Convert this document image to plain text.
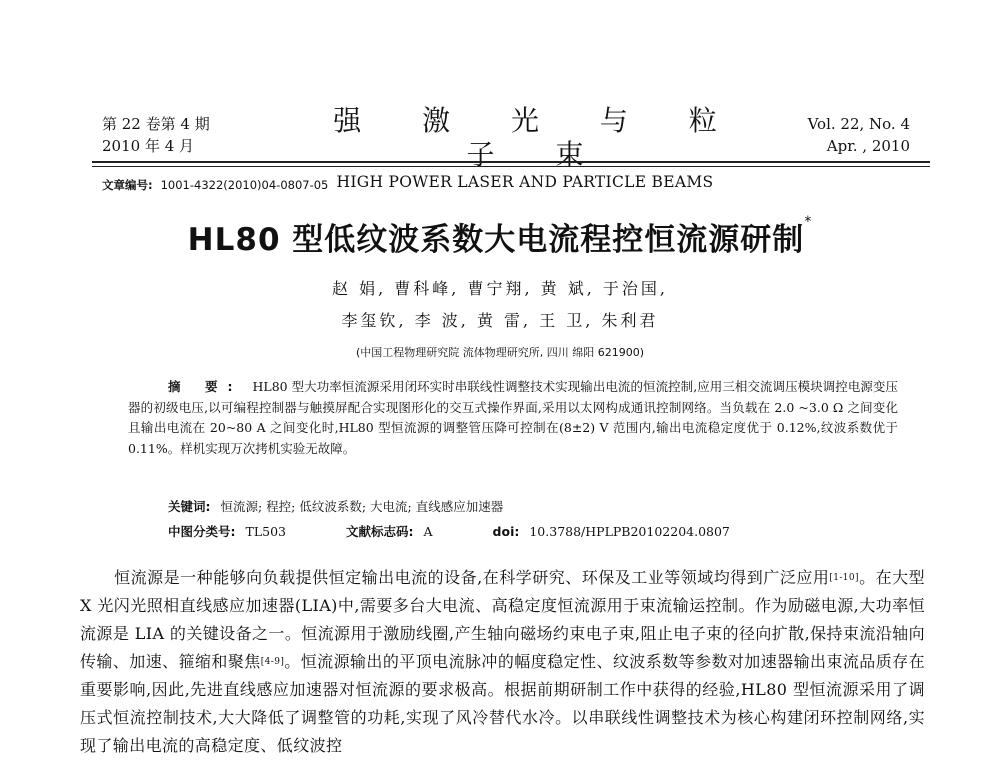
第 22 卷第 4 期
2010 年 4 月
强 激 光 与 粒 子 束
HIGH POWER LASER AND PARTICLE BEAMS
Vol. 22, No. 4
Apr. , 2010
文章编号: 1001-4322(2010)04-0807-05
HL80 型低纹波系数大电流程控恒流源研制*
赵 娟, 曹科峰, 曹宁翔, 黄 斌, 于治国,
李玺钦, 李 波, 黄 雷, 王 卫, 朱利君
(中国工程物理研究院 流体物理研究所, 四川 绵阳 621900)
摘 要: HL80 型大功率恒流源采用闭环实时串联线性调整技术实现输出电流的恒流控制,应用三相交流调压模块调控电源变压器的初级电压,以可编程控制器与触摸屏配合实现图形化的交互式操作界面,采用以太网构成通讯控制网络。当负载在 2.0 ~3.0 Ω 之间变化且输出电流在 20~80 A 之间变化时,HL80 型恒流源的调整管压降可控制在(8±2) V 范围内,输出电流稳定度优于 0.12%,纹波系数优于 0.11%。样机实现万次拷机实验无故障。
关键词: 恒流源; 程控; 低纹波系数; 大电流; 直线感应加速器
中图分类号: TL503	文献标志码: A	doi: 10.3788/HPLPB20102204.0807
恒流源是一种能够向负载提供恒定输出电流的设备,在科学研究、环保及工业等领域均得到广泛应用[1-10]。在大型 X 光闪光照相直线感应加速器(LIA)中,需要多台大电流、高稳定度恒流源用于束流输运控制。作为励磁电源,大功率恒流源是 LIA 的关键设备之一。恒流源用于激励线圈,产生轴向磁场约束电子束,阻止电子束的径向扩散,保持束流沿轴向传输、加速、箍缩和聚焦[4-9]。恒流源输出的平顶电流脉冲的幅度稳定性、纹波系数等参数对加速器输出束流品质存在重要影响,因此,先进直线感应加速器对恒流源的要求极高。根据前期研制工作中获得的经验,HL80 型恒流源采用了调压式恒流控制技术,大大降低了调整管的功耗,实现了风冷替代水冷。以串联线性调整技术为核心构建闭环控制网络,实现了输出电流的高稳定度、低纹波控
